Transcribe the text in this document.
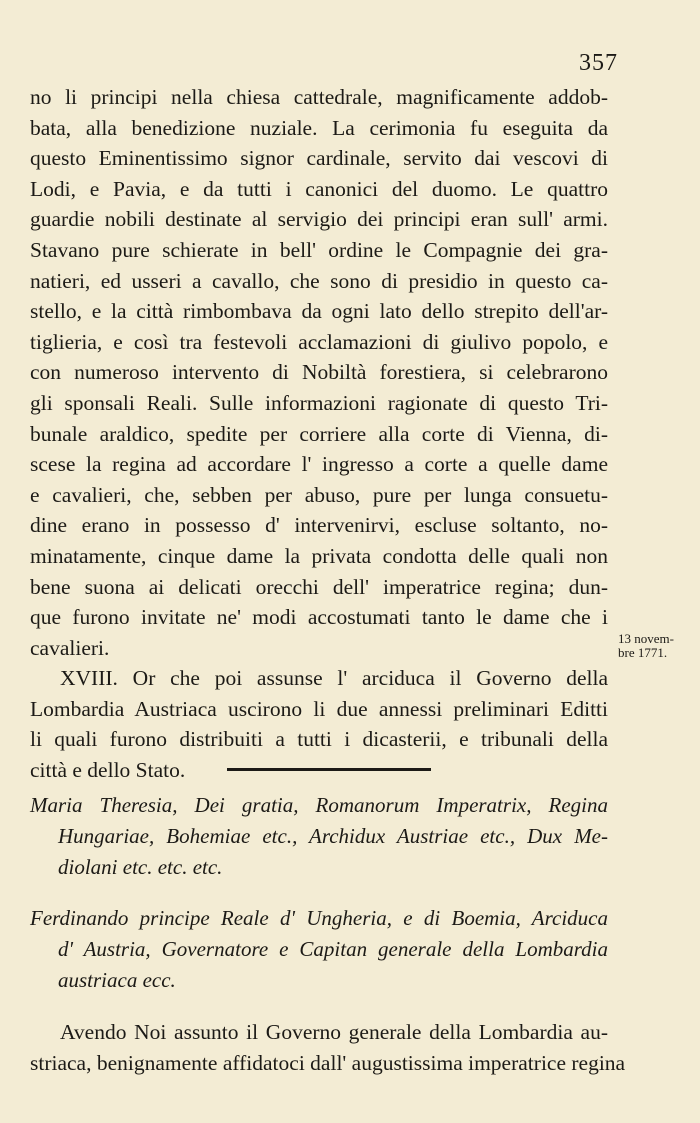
357
no li principi nella chiesa cattedrale, magnificamente addob-
bata, alla benedizione nuziale. La cerimonia fu eseguita da
questo Eminentissimo signor cardinale, servito dai vescovi di
Lodi, e Pavia, e da tutti i canonici del duomo. Le quattro
guardie nobili destinate al servigio dei principi eran sull' armi.
Stavano pure schierate in bell' ordine le Compagnie dei gra-
natieri, ed usseri a cavallo, che sono di presidio in questo ca-
stello, e la città rimbombava da ogni lato dello strepito dell'ar-
tiglieria, e così tra festevoli acclamazioni di giulivo popolo, e
con numeroso intervento di Nobiltà forestiera, si celebrarono
gli sponsali Reali. Sulle informazioni ragionate di questo Tri-
bunale araldico, spedite per corriere alla corte di Vienna, di-
scese la regina ad accordare l' ingresso a corte a quelle dame
e cavalieri, che, sebben per abuso, pure per lunga consuetu-
dine erano in possesso d' intervenirvi, escluse soltanto, no-
minatamente, cinque dame la privata condotta delle quali non
bene suona ai delicati orecchi dell' imperatrice regina; dun-
que furono invitate ne' modi accostumati tanto le dame che i
cavalieri.
XVIII. Or che poi assunse l' arciduca il Governo della
Lombardia Austriaca uscirono li due annessi preliminari Editti
li quali furono distribuiti a tutti i dicasterii, e tribunali della
città e dello Stato.
13 novem-
bre 1771.
Maria Theresia, Dei gratia, Romanorum Imperatrix, Regina
Hungariae, Bohemiae etc., Archidux Austriae etc., Dux Me-
diolani etc. etc. etc.
Ferdinando principe Reale d' Ungheria, e di Boemia, Arciduca
d' Austria, Governatore e Capitan generale della Lombardia
austriaca ecc.
Avendo Noi assunto il Governo generale della Lombardia au-
striaca, benignamente affidatoci dall' augustissima imperatrice regina
